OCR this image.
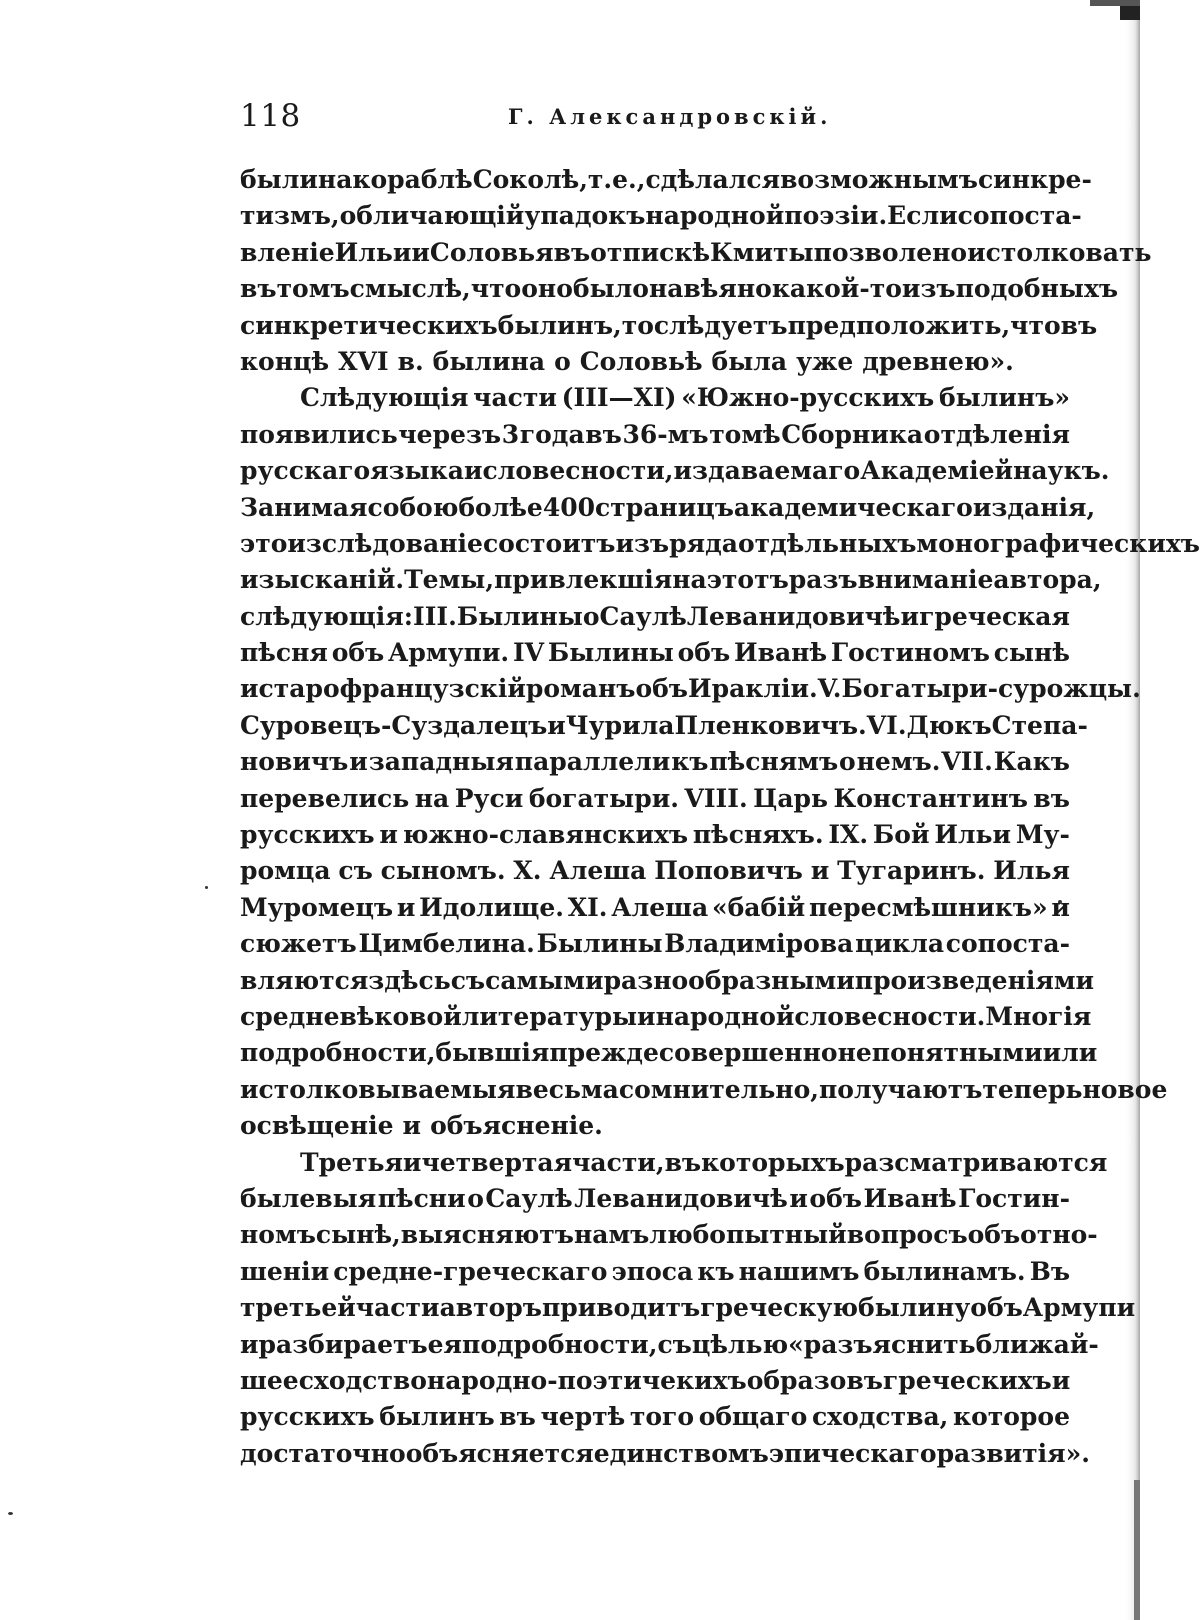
118	Г. Александровскій.
были на кораблѣ Соколѣ, т. е., сдѣлался возможнымъ синкре-
тизмъ, обличающій упадокъ народной поэзіи. Если сопоста-
вленіе Ильи и Соловья въ отпискѣ Кмиты позволено истолковать
въ томъ смыслѣ, что оно было навѣяно какой-то изъ подобныхъ
синкретическихъ былинъ, то слѣдуетъ предположить, что въ
концѣ XVI в. былина о Соловьѣ была уже древнею».
Слѣдующія части (III—XI) «Южно-русскихъ былинъ»
появились черезъ 3 года въ 36-мъ томѣ Сборника отдѣленія
русскаго языка и словесности, издаваемаго Академіей наукъ.
Занимая собою болѣе 400 страницъ академическаго изданія,
это изслѣдованіе состоитъ изъ ряда отдѣльныхъ монографическихъ
изысканій. Темы, привлекшія на этотъ разъ вниманіе автора,
слѣдующія: III. Былины о Саулѣ Леванидовичѣ и греческая
пѣсня объ Армупи. IV Былины объ Иванѣ Гостиномъ сынѣ
и старофранцузскій романъ объ Иракліи. V. Богатыри-сурожцы.
Суровецъ-Суздалецъ и Чурила Пленковичъ. VI. Дюкъ Степа-
новичъ и западныя параллели къ пѣснямъ о немъ. VII. Какъ
перевелись на Руси богатыри. VIII. Царь Константинъ въ
русскихъ и южно-славянскихъ пѣсняхъ. IX. Бой Ильи Му-
ромца съ сыномъ. X. Алеша Поповичъ и Тугаринъ. Илья
Муромецъ и Идолище. XI. Алеша «бабій пересмѣшникъ» и
сюжетъ Цимбелина. Былины Владимірова цикла сопоста-
вляются здѣсь съ самыми разнообразными произведеніями
средневѣковой литературы и народной словесности. Многія
подробности, бывшія прежде совершенно непонятными или
истолковываемыя весьма сомнительно, получаютъ теперь новое
освѣщеніе и объясненіе.
Третья и четвертая части, въ которыхъ разсматриваются
былевыя пѣсни о Саулѣ Леванидовичѣ и объ Иванѣ Гостин-
номъ сынѣ, выясняютъ намъ любопытный вопросъ объ отно-
шеніи средне-греческаго эпоса къ нашимъ былинамъ. Въ
третьей части авторъ приводитъ греческую былину объ Армупи
и разбираетъ ея подробности, съ цѣлью «разъяснить ближай-
шее сходство народно-поэтичекихъ образовъ греческихъ и
русскихъ былинъ въ чертѣ того общаго сходства, которое
достаточно объясняется единствомъ эпическаго развитія».
